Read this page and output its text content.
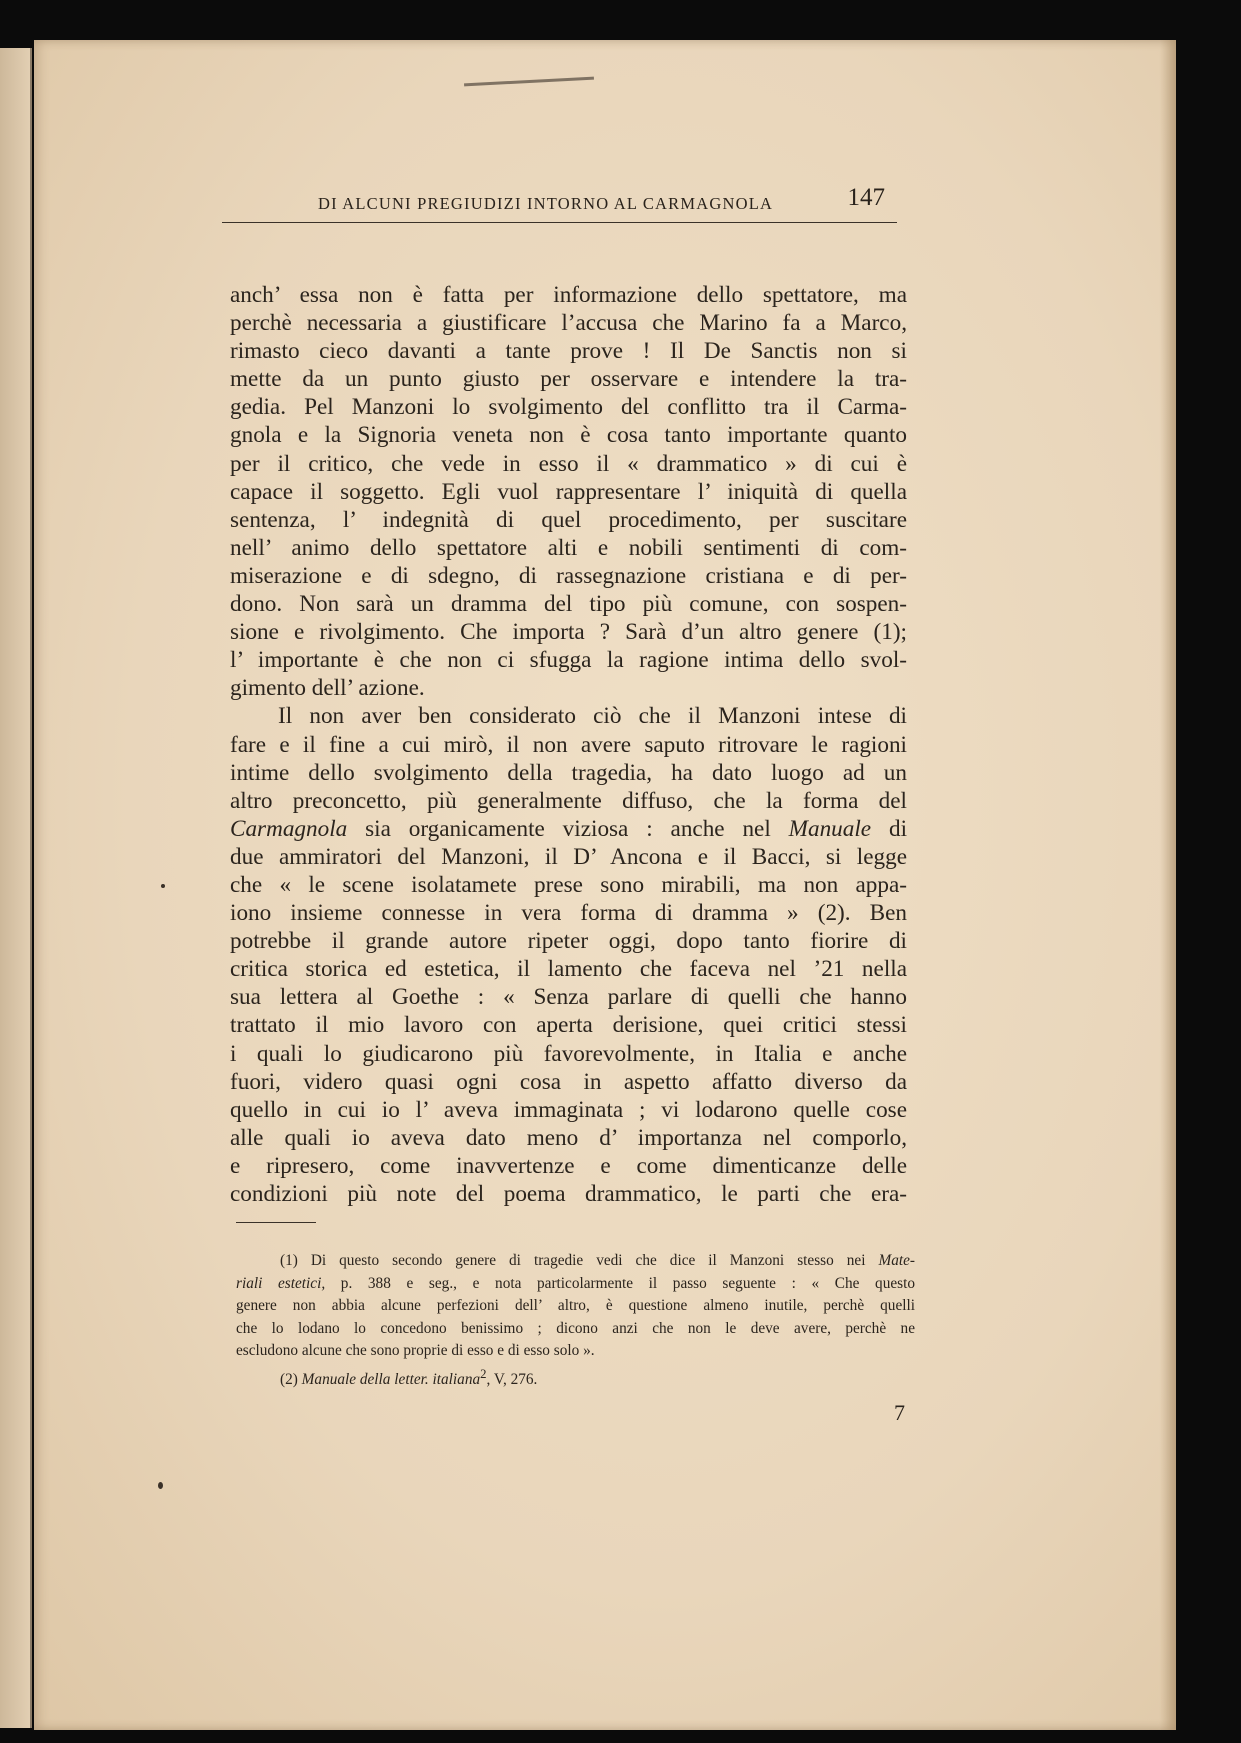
DI ALCUNI PREGIUDIZI INTORNO AL CARMAGNOLA	147
anch’ essa non è fatta per informazione dello spettatore, ma
perchè necessaria a giustificare l’accusa che Marino fa a Marco,
rimasto cieco davanti a tante prove ! Il De Sanctis non si
mette da un punto giusto per osservare e intendere la tra-
gedia. Pel Manzoni lo svolgimento del conflitto tra il Carma-
gnola e la Signoria veneta non è cosa tanto importante quanto
per il critico, che vede in esso il « drammatico » di cui è
capace il soggetto. Egli vuol rappresentare l’ iniquità di quella
sentenza, l’ indegnità di quel procedimento, per suscitare
nell’ animo dello spettatore alti e nobili sentimenti di com-
miserazione e di sdegno, di rassegnazione cristiana e di per-
dono. Non sarà un dramma del tipo più comune, con sospen-
sione e rivolgimento. Che importa ? Sarà d’un altro genere (1);
l’ importante è che non ci sfugga la ragione intima dello svol-
gimento dell’ azione.
Il non aver ben considerato ciò che il Manzoni intese di
fare e il fine a cui mirò, il non avere saputo ritrovare le ragioni
intime dello svolgimento della tragedia, ha dato luogo ad un
altro preconcetto, più generalmente diffuso, che la forma del
Carmagnola sia organicamente viziosa : anche nel Manuale di
due ammiratori del Manzoni, il D’ Ancona e il Bacci, si legge
che « le scene isolatamete prese sono mirabili, ma non appa-
iono insieme connesse in vera forma di dramma » (2). Ben
potrebbe il grande autore ripeter oggi, dopo tanto fiorire di
critica storica ed estetica, il lamento che faceva nel ’21 nella
sua lettera al Goethe : « Senza parlare di quelli che hanno
trattato il mio lavoro con aperta derisione, quei critici stessi
i quali lo giudicarono più favorevolmente, in Italia e anche
fuori, videro quasi ogni cosa in aspetto affatto diverso da
quello in cui io l’ aveva immaginata ; vi lodarono quelle cose
alle quali io aveva dato meno d’ importanza nel comporlo,
e ripresero, come inavvertenze e come dimenticanze delle
condizioni più note del poema drammatico, le parti che era-
(1) Di questo secondo genere di tragedie vedi che dice il Manzoni stesso nei Mate-
riali estetici, p. 388 e seg., e nota particolarmente il passo seguente : « Che questo
genere non abbia alcune perfezioni dell’ altro, è questione almeno inutile, perchè quelli
che lo lodano lo concedono benissimo ; dicono anzi che non le deve avere, perchè ne
escludono alcune che sono proprie di esso e di esso solo ».
(2) Manuale della letter. italiana$^2$, V, 276.
7
